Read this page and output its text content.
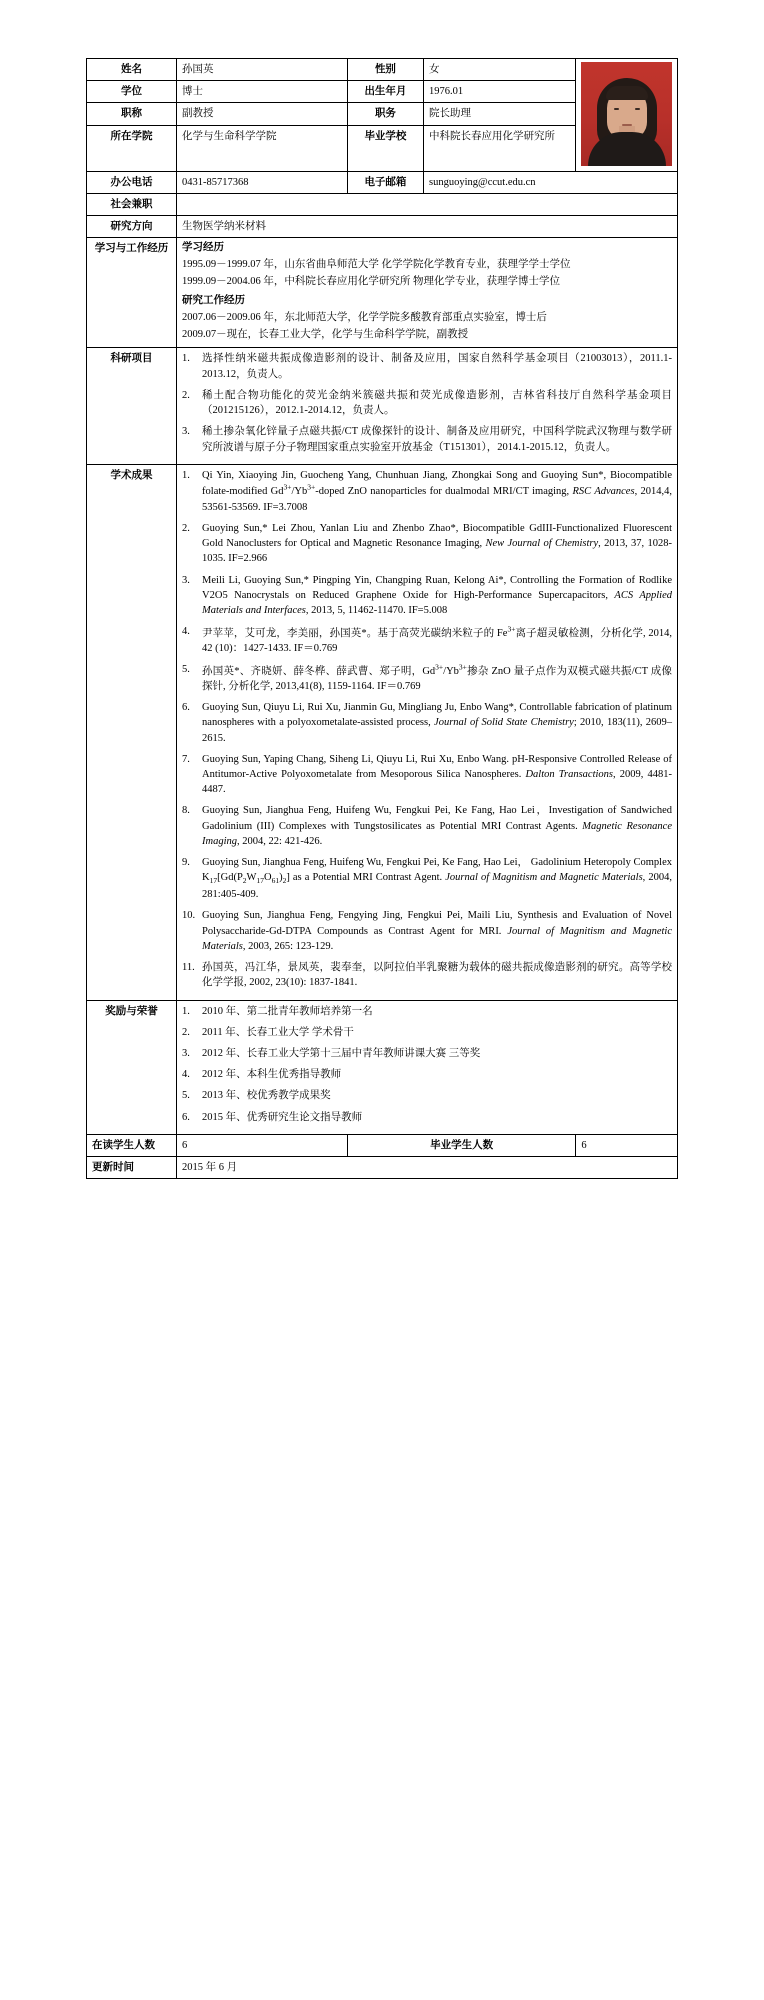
姓名	孙国英	性别	女	

学位	博士	出生年月	1976.01	
职称	副教授	职务	院长助理	
所在学院	化学与生命科学学院	毕业学校	中科院长春应用化学研究所	
办公电话	0431-85717368	电子邮箱	sunguoying@ccut.edu.cn	
社会兼职				
研究方向	生物医学纳米材料			
学习与工作经历	学习经历
1995.09－1999.07 年，山东省曲阜师范大学 化学学院化学教育专业，获理学学士学位
1999.09－2004.06 年，中科院长春应用化学研究所 物理化学专业，获理学博士学位
研究工作经历
2007.06－2009.06 年，东北师范大学，化学学院多酸教育部重点实验室，博士后
2009.07－现在，长春工业大学，化学与生命科学学院，副教授

科研项目	1.	选择性纳米磁共振成像造影剂的设计、制备及应用，国家自然科学基金项目（21003013），2011.1-2013.12，负责人。
2.	稀土配合物功能化的荧光金纳米簇磁共振和荧光成像造影剂，吉林省科技厅自然科学基金项目（201215126），2012.1-2014.12，负责人。
3.	稀土掺杂氧化锌量子点磁共振/CT 成像探针的设计、制备及应用研究，中国科学院武汉物理与数学研究所波谱与原子分子物理国家重点实验室开放基金（T151301），2014.1-2015.12，负责人。

学术成果	1.	Qi Yin, Xiaoying Jin, Guocheng Yang, Chunhuan Jiang, Zhongkai Song and Guoying Sun*, Biocompatible folate-modified $Gd^{3+}/Yb^{3+}$-doped ZnO nanoparticles for dualmodal MRI/CT imaging, RSC Advances, 2014,4, 53561-53569. IF=3.7008
2.	Guoying Sun,* Lei Zhou, Yanlan Liu and Zhenbo Zhao*, Biocompatible GdIII-Functionalized Fluorescent Gold Nanoclusters for Optical and Magnetic Resonance Imaging, New Journal of Chemistry, 2013, 37, 1028-1035. IF=2.966
3.	Meili Li, Guoying Sun,* Pingping Yin, Changping Ruan, Kelong Ai*, Controlling the Formation of Rodlike V2O5 Nanocrystals on Reduced Graphene Oxide for High-Performance Supercapacitors, ACS Applied Materials and Interfaces, 2013, 5, 11462-11470. IF=5.008
4.	尹苹苹，艾可龙，李美丽，孙国英*。基于高荧光碳纳米粒子的 $Fe^{3+}$离子超灵敏检测，分析化学, 2014, 42 (10)：1427-1433. IF＝0.769
5.	孙国英*、齐晓妍、薛冬桦、薛武曹、郑子明，$Gd^{3+}/Yb^{3+}$掺杂 ZnO 量子点作为双模式磁共振/CT 成像探针, 分析化学, 2013,41(8), 1159-1164. IF＝0.769
6.	Guoying Sun, Qiuyu Li, Rui Xu, Jianmin Gu, Mingliang Ju, Enbo Wang*, Controllable fabrication of platinum nanospheres with a polyoxometalate-assisted process, Journal of Solid State Chemistry; 2010, 183(11), 2609–2615.
7.	Guoying Sun, Yaping Chang, Siheng Li, Qiuyu Li, Rui Xu, Enbo Wang. pH-Responsive Controlled Release of Antitumor-Active Polyoxometalate from Mesoporous Silica Nanospheres. Dalton Transactions, 2009, 4481-4487.
8.	Guoying Sun, Jianghua Feng, Huifeng Wu, Fengkui Pei, Ke Fang, Hao Lei，Investigation of Sandwiched Gadolinium (III) Complexes with Tungstosilicates as Potential MRI Contrast Agents. Magnetic Resonance Imaging, 2004, 22: 421-426.
9.	Guoying Sun, Jianghua Feng, Huifeng Wu, Fengkui Pei, Ke Fang, Hao Lei， Gadolinium Heteropoly Complex $K_{17}[Gd(P_2W_{17}O_{61})_2]$ as a Potential MRI Contrast Agent. Journal of Magnitism and Magnetic Materials, 2004, 281:405-409.
10. Guoying Sun, Jianghua Feng, Fengying Jing, Fengkui Pei, Maili Liu, Synthesis and Evaluation of Novel Polysaccharide-Gd-DTPA Compounds as Contrast Agent for MRI. Journal of Magnitism and Magnetic Materials, 2003, 265: 123-129.
11. 孙国英，冯江华，景凤英，裴奉奎，以阿拉伯半乳聚糖为载体的磁共振成像造影剂的研究。高等学校化学学报, 2002, 23(10): 1837-1841.

奖励与荣誉	1.	2010 年、第二批青年教师培养第一名
2.	2011 年、长春工业大学 学术骨干
3.	2012 年、长春工业大学第十三届中青年教师讲课大赛 三等奖
4.	2012 年、本科生优秀指导教师
5.	2013 年、校优秀教学成果奖
6.	2015 年、优秀研究生论文指导教师

在读学生人数	6	毕业学生人数		6
更新时间	2015 年 6 月			
